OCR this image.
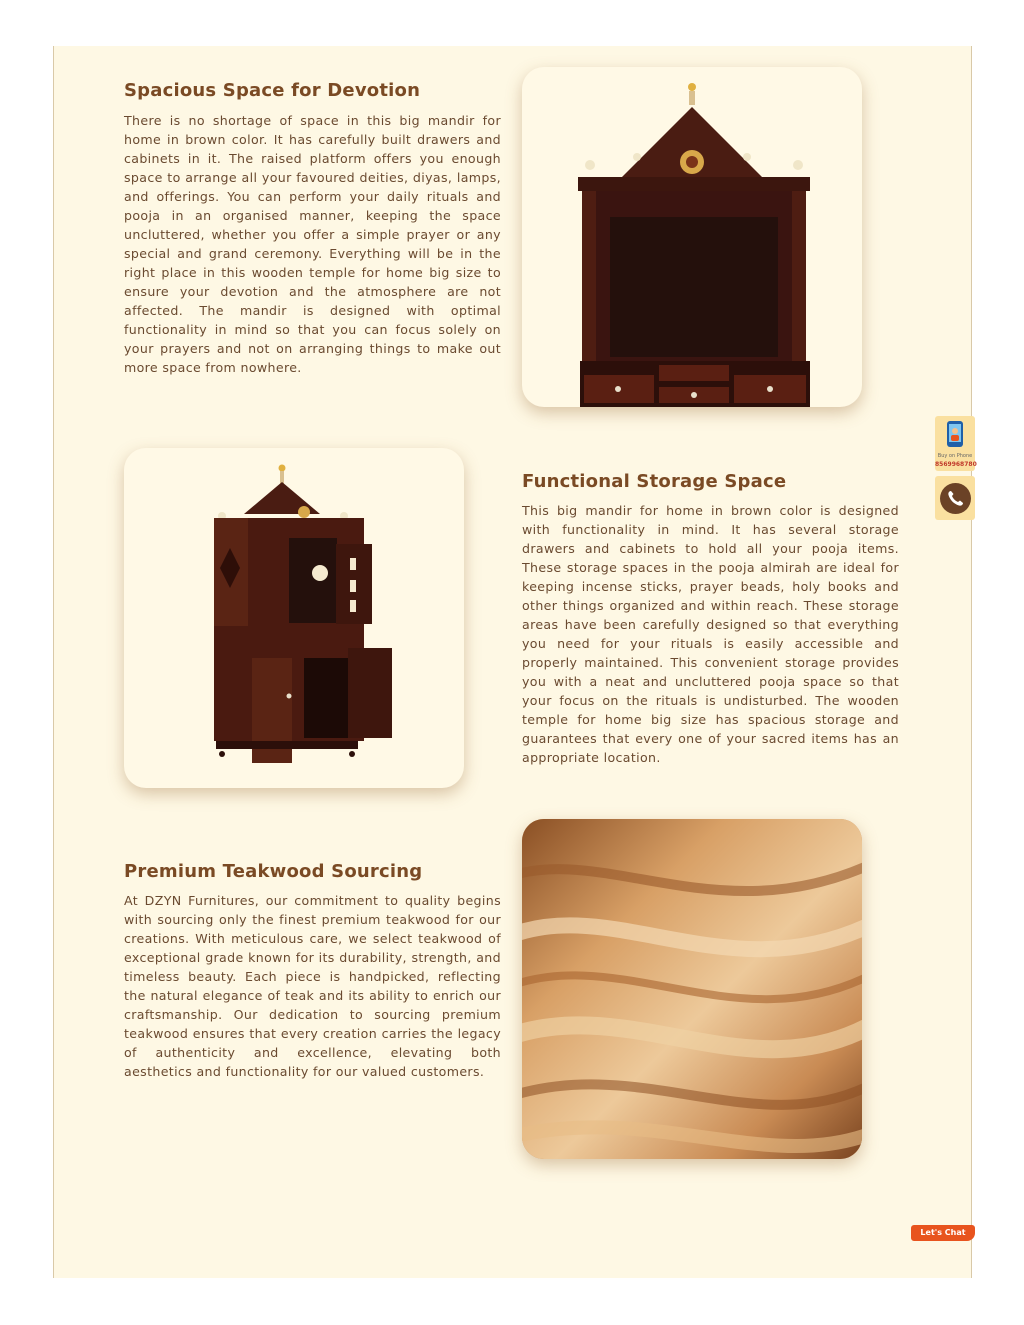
Spacious Space for Devotion

There is no shortage of space in this big mandir for home in brown color. It has carefully built drawers and cabinets in it. The raised platform offers you enough space to arrange all your favoured deities, diyas, lamps, and offerings. You can perform your daily rituals and pooja in an organised manner, keeping the space uncluttered, whether you offer a simple prayer or any special and grand ceremony. Everything will be in the right place in this wooden temple for home big size to ensure your devotion and the atmosphere are not affected. The mandir is designed with optimal functionality in mind so that you can focus solely on your prayers and not on arranging things to make out more space from nowhere.

Functional Storage Space

This big mandir for home in brown color is designed with functionality in mind. It has several storage drawers and cabinets to hold all your pooja items. These storage spaces in the pooja almirah are ideal for keeping incense sticks, prayer beads, holy books and other things organized and within reach. These storage areas have been carefully designed so that everything you need for your rituals is easily accessible and properly maintained. This convenient storage provides you with a neat and uncluttered pooja space so that your focus on the rituals is undisturbed. The wooden temple for home big size has spacious storage and guarantees that every one of your sacred items has an appropriate location.

Premium Teakwood Sourcing

At DZYN Furnitures, our commitment to quality begins with sourcing only the finest premium teakwood for our creations. With meticulous care, we select teakwood of exceptional grade known for its durability, strength, and timeless beauty. Each piece is handpicked, reflecting the natural elegance of teak and its ability to enrich our craftsmanship. Our dedication to sourcing premium teakwood ensures that every creation carries the legacy of authenticity and excellence, elevating both aesthetics and functionality for our valued customers.

Buy on Phone
8569968780
Let's Chat
